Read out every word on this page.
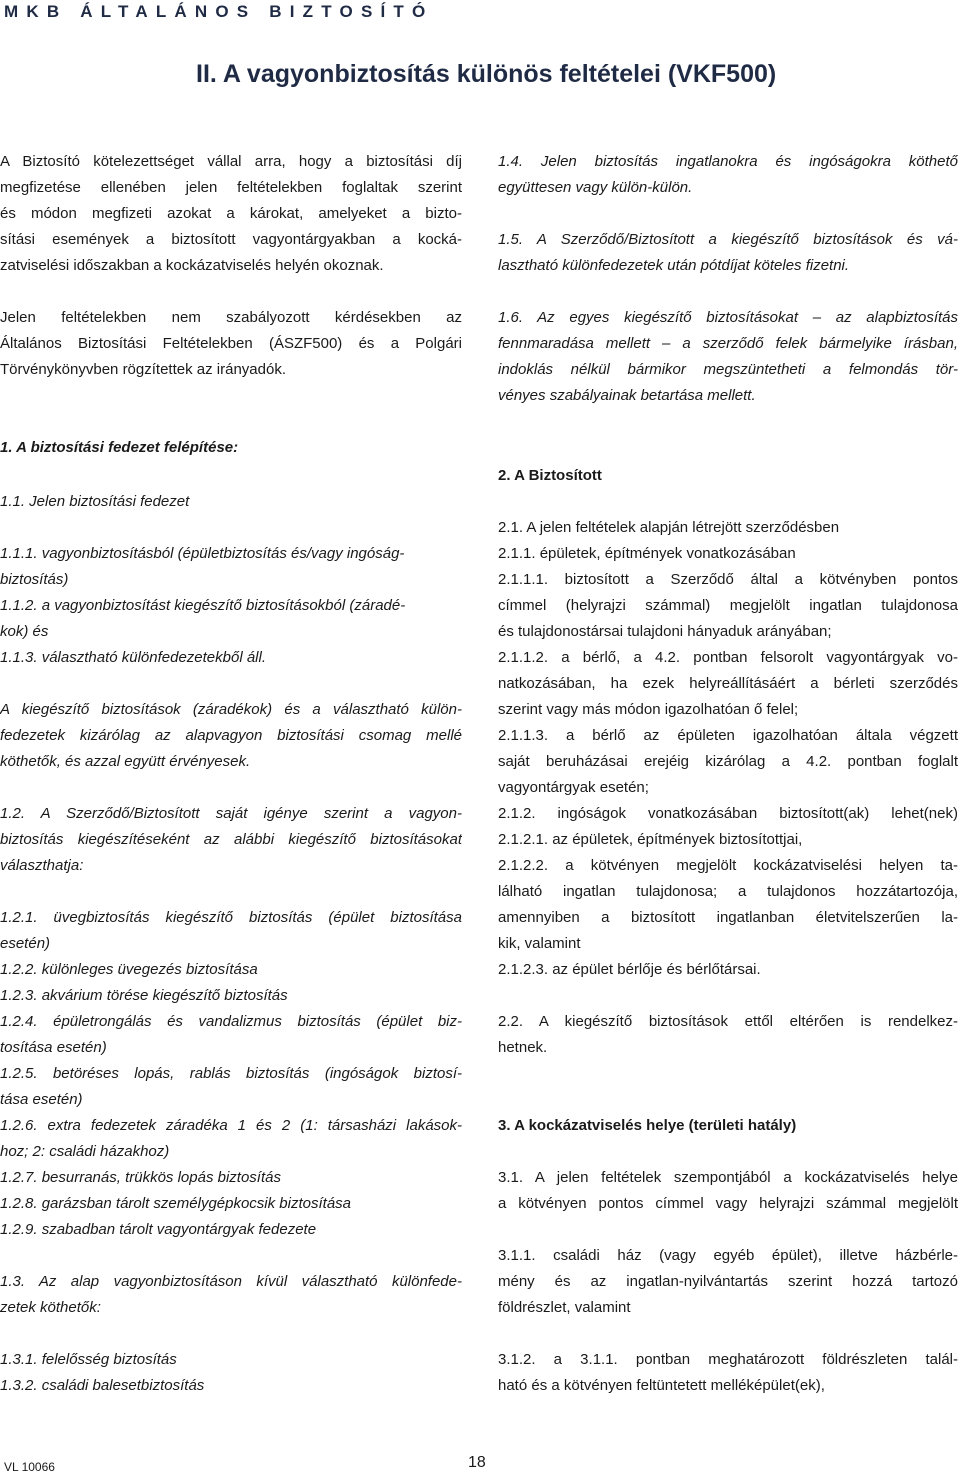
MKB ÁLTALÁNOS BIZTOSÍTÓ
II. A vagyonbiztosítás különös feltételei (VKF500)

A Biztosító kötelezettséget vállal arra, hogy a biztosítási díj

megfizetése ellenében jelen feltételekben foglaltak szerint

és módon megfizeti azokat a károkat, amelyeket a bizto-

sítási események a biztosított vagyontárgyakban a kocká-

zatviselési időszakban a kockázatviselés helyén okoznak.

Jelen feltételekben nem szabályozott kérdésekben az

Általános Biztosítási Feltételekben (ÁSZF500) és a Polgári

Törvénykönyvben rögzítettek az irányadók.

1. A biztosítási fedezet felépítése:

1.1. Jelen biztosítási fedezet

1.1.1. vagyonbiztosításból (épületbiztosítás és/vagy ingóság-

biztosítás)

1.1.2. a vagyonbiztosítást kiegészítő biztosításokból (záradé-

kok) és

1.1.3. választható különfedezetekből áll.

A kiegészítő biztosítások (záradékok) és a választható külön-

fedezetek kizárólag az alapvagyon biztosítási csomag mellé

köthetők, és azzal együtt érvényesek.

1.2. A Szerződő/Biztosított saját igénye szerint a vagyon-

biztosítás kiegészítéseként az alábbi kiegészítő biztosításokat

választhatja:

1.2.1. üvegbiztosítás kiegészítő biztosítás (épület biztosítása

esetén)

1.2.2. különleges üvegezés biztosítása

1.2.3. akvárium törése kiegészítő biztosítás

1.2.4. épületrongálás és vandalizmus biztosítás (épület biz-

tosítása esetén)

1.2.5. betöréses lopás, rablás biztosítás (ingóságok biztosí-

tása esetén)

1.2.6. extra fedezetek záradéka 1 és 2 (1: társasházi lakások-

hoz; 2: családi házakhoz)

1.2.7. besurranás, trükkös lopás biztosítás

1.2.8. garázsban tárolt személygépkocsik biztosítása

1.2.9. szabadban tárolt vagyontárgyak fedezete

1.3. Az alap vagyonbiztosításon kívül választható különfede-

zetek köthetők:

1.3.1. felelősség biztosítás

1.3.2. családi balesetbiztosítás

1.4. Jelen biztosítás ingatlanokra és ingóságokra köthető

együttesen vagy külön-külön.

1.5. A Szerződő/Biztosított a kiegészítő biztosítások és vá-

lasztható különfedezetek után pótdíjat köteles fizetni.

1.6. Az egyes kiegészítő biztosításokat – az alapbiztosítás

fennmaradása mellett – a szerződő felek bármelyike írásban,

indoklás nélkül bármikor megszüntetheti a felmondás tör-

vényes szabályainak betartása mellett.

2. A Biztosított

2.1. A jelen feltételek alapján létrejött szerződésben

2.1.1. épületek, építmények vonatkozásában

2.1.1.1. biztosított a Szerződő által a kötvényben pontos

címmel (helyrajzi számmal) megjelölt ingatlan tulajdonosa

és tulajdonostársai tulajdoni hányaduk arányában;

2.1.1.2. a bérlő, a 4.2. pontban felsorolt vagyontárgyak vo-

natkozásában, ha ezek helyreállításáért a bérleti szerződés

szerint vagy más módon igazolhatóan ő felel;

2.1.1.3. a bérlő az épületen igazolhatóan általa végzett

saját beruházásai erejéig kizárólag a 4.2. pontban foglalt

vagyontárgyak esetén;

2.1.2. ingóságok vonatkozásában biztosított(ak) lehet(nek)

2.1.2.1. az épületek, építmények biztosítottjai,

2.1.2.2. a kötvényen megjelölt kockázatviselési helyen ta-

lálható ingatlan tulajdonosa; a tulajdonos hozzátartozója,

amennyiben a biztosított ingatlanban életvitelszerűen la-

kik, valamint

2.1.2.3. az épület bérlője és bérlőtársai.

2.2. A kiegészítő biztosítások ettől eltérően is rendelkez-

hetnek.

3. A kockázatviselés helye (területi hatály)

3.1. A jelen feltételek szempontjából a kockázatviselés helye

a kötvényen pontos címmel vagy helyrajzi számmal megjelölt

3.1.1. családi ház (vagy egyéb épület), illetve házbérle-

mény és az ingatlan-nyilvántartás szerint hozzá tartozó

földrészlet, valamint

3.1.2. a 3.1.1. pontban meghatározott földrészleten talál-

ható és a kötvényen feltüntetett melléképület(ek),

VL 10066	18
